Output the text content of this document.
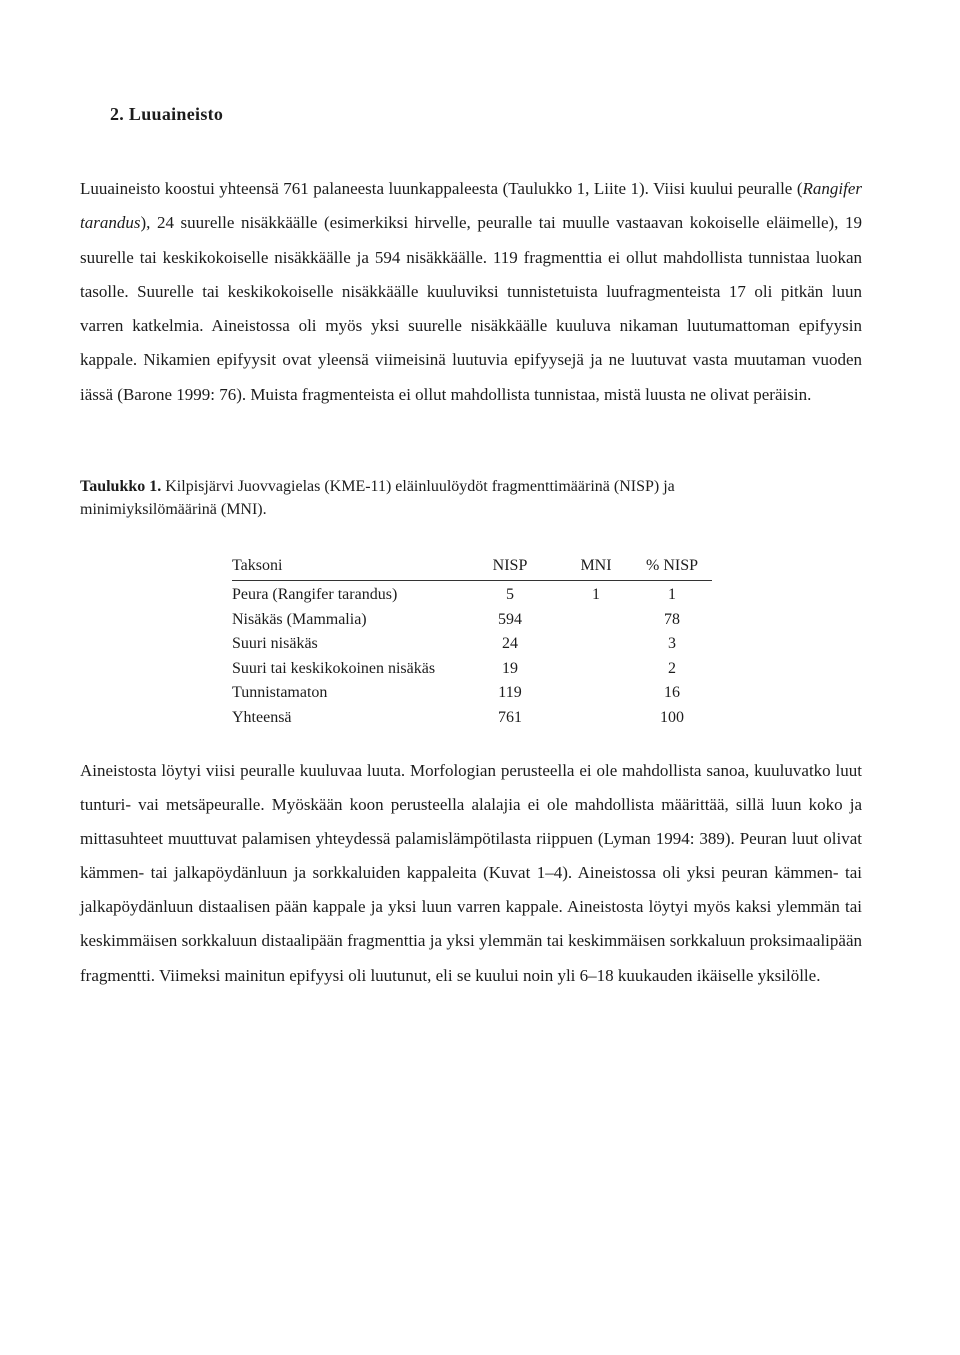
2. Luuaineisto

Luuaineisto koostui yhteensä 761 palaneesta luunkappaleesta (Taulukko 1, Liite 1). Viisi kuului peuralle (Rangifer tarandus), 24 suurelle nisäkkäälle (esimerkiksi hirvelle, peuralle tai muulle vastaavan kokoiselle eläimelle), 19 suurelle tai keskikokoiselle nisäkkäälle ja 594 nisäkkäälle. 119 fragmenttia ei ollut mahdollista tunnistaa luokan tasolle. Suurelle tai keskikokoiselle nisäkkäälle kuuluviksi tunnistetuista luufragmenteista 17 oli pitkän luun varren katkelmia. Aineistossa oli myös yksi suurelle nisäkkäälle kuuluva nikaman luutumattoman epifyysin kappale. Nikamien epifyysit ovat yleensä viimeisinä luutuvia epifyysejä ja ne luutuvat vasta muutaman vuoden iässä (Barone 1999: 76). Muista fragmenteista ei ollut mahdollista tunnistaa, mistä luusta ne olivat peräisin.

Taulukko 1. Kilpisjärvi Juovvagielas (KME-11) eläinluulöydöt fragmenttimäärinä (NISP) ja minimiyksilömäärinä (MNI).
Taksoni	NISP	MNI	% NISP
Peura (Rangifer tarandus)	5	1	1
Nisäkäs (Mammalia)	594		78
Suuri nisäkäs	24		3
Suuri tai keskikokoinen nisäkäs	19		2
Tunnistamaton	119		16
Yhteensä	761		100

Aineistosta löytyi viisi peuralle kuuluvaa luuta. Morfologian perusteella ei ole mahdollista sanoa, kuuluvatko luut tunturi- vai metsäpeuralle. Myöskään koon perusteella alalajia ei ole mahdollista määrittää, sillä luun koko ja mittasuhteet muuttuvat palamisen yhteydessä palamislämpötilasta riippuen (Lyman 1994: 389). Peuran luut olivat kämmen- tai jalkapöydänluun ja sorkkaluiden kappaleita (Kuvat 1–4). Aineistossa oli yksi peuran kämmen- tai jalkapöydänluun distaalisen pään kappale ja yksi luun varren kappale. Aineistosta löytyi myös kaksi ylemmän tai keskimmäisen sorkkaluun distaalipään fragmenttia ja yksi ylemmän tai keskimmäisen sorkkaluun proksimaalipään fragmentti. Viimeksi mainitun epifyysi oli luutunut, eli se kuului noin yli 6–18 kuukauden ikäiselle yksilölle.
